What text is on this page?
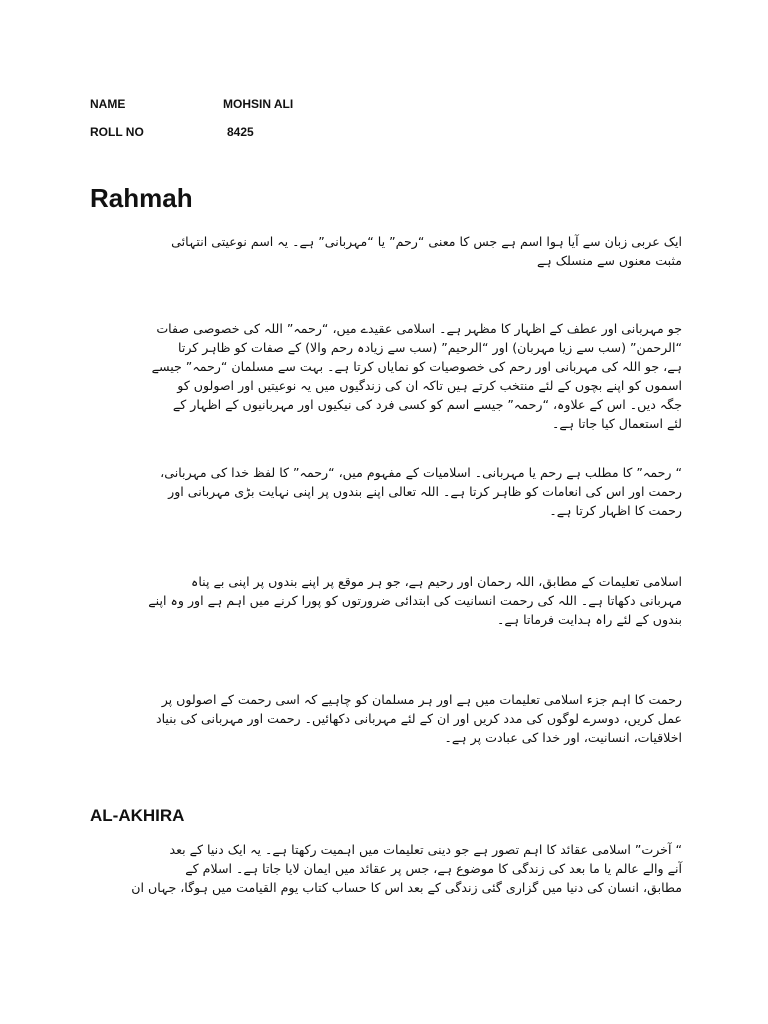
NAME	MOHSIN ALI
ROLL NO	8425
Rahmah

ایک عربی زبان سے آیا ہوا اسم ہے جس کا معنی “رحم” یا “مہربانی” ہے۔ یہ اسم نوعیتی انتہائی
مثبت معنوں سے منسلک ہے

جو مہربانی اور عطف کے اظہار کا مظہر ہے۔ اسلامی عقیدے میں، “رحمہ” اللہ کی خصوصی صفات
“الرحمن” (سب سے زیا مہربان) اور “الرحیم” (سب سے زیادہ رحم والا) کے صفات کو ظاہر کرتا
ہے، جو اللہ کی مہربانی اور رحم کی خصوصیات کو نمایاں کرتا ہے۔ بہت سے مسلمان “رحمہ” جیسے
اسموں کو اپنے بچوں کے لئے منتخب کرتے ہیں تاکہ ان کی زندگیوں میں یہ نوعیتیں اور اصولوں کو
جگہ دیں۔ اس کے علاوہ، “رحمہ” جیسے اسم کو کسی فرد کی نیکیوں اور مہربانیوں کے اظہار کے
لئے استعمال کیا جاتا ہے۔

“ رحمہ” کا مطلب ہے رحم یا مہربانی۔ اسلامیات کے مفہوم میں، “رحمہ” کا لفظ خدا کی مہربانی،
رحمت اور اس کی انعامات کو ظاہر کرتا ہے۔ اللہ تعالی اپنے بندوں پر اپنی نہایت بڑی مہربانی اور
رحمت کا اظہار کرتا ہے۔

اسلامی تعلیمات کے مطابق، اللہ رحمان اور رحیم ہے، جو ہر موقع پر اپنے بندوں پر اپنی بے پناہ
مہربانی دکھاتا ہے۔ اللہ کی رحمت انسانیت کی ابتدائی ضرورتوں کو پورا کرنے میں اہم ہے اور وہ اپنے
بندوں کے لئے راہ ہدایت فرماتا ہے۔

رحمت کا اہم جزء اسلامی تعلیمات میں ہے اور ہر مسلمان کو چاہیے کہ اسی رحمت کے اصولوں پر
عمل کریں، دوسرے لوگوں کی مدد کریں اور ان کے لئے مہربانی دکھائیں۔ رحمت اور مہربانی کی بنیاد
اخلاقیات، انسانیت، اور خدا کی عبادت پر ہے۔

AL-AKHIRA

“ آخرت” اسلامی عقائد کا اہم تصور ہے جو دینی تعلیمات میں اہمیت رکھتا ہے۔ یہ ایک دنیا کے بعد
آنے والے عالم یا ما بعد کی زندگی کا موضوع ہے، جس پر عقائد میں ایمان لایا جاتا ہے۔ اسلام کے
مطابق، انسان کی دنیا میں گزاری گئی زندگی کے بعد اس کا حساب کتاب یوم القیامت میں ہوگا، جہاں ان
